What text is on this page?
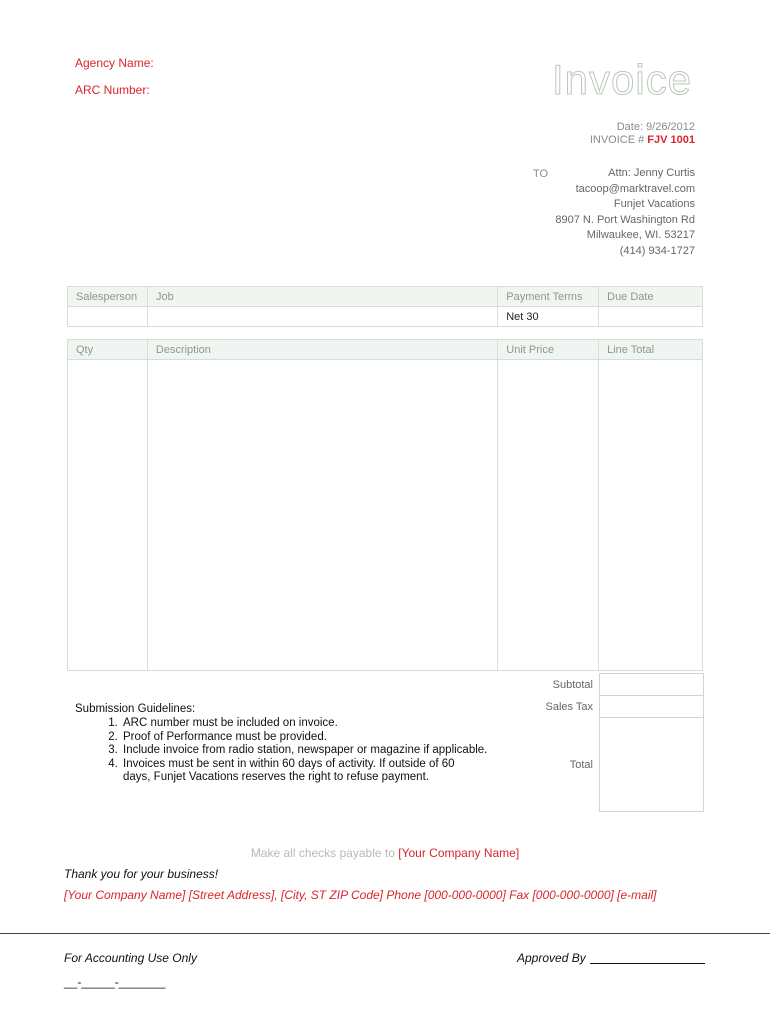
Agency Name:
ARC Number:	Invoice
Date: 9/26/2012
INVOICE # FJV 1001
TO	Attn: Jenny Curtis
tacoop@marktravel.com
Funjet Vacations
8907 N. Port Washington Rd
Milwaukee, WI. 53217
(414) 934-1727
Salesperson	Job	Payment Terms	Due Date
		Net 30	
Qty	Description	Unit Price	Line Total

Subtotal
Sales Tax
Total
Submission Guidelines:
1. ARC number must be included on invoice.
2. Proof of Performance must be provided.
3. Include invoice from radio station, newspaper or magazine if applicable.
4. Invoices must be sent in within 60 days of activity. If outside of 60 days, Funjet Vacations reserves the right to refuse payment.
Make all checks payable to [Your Company Name]
Thank you for your business!
[Your Company Name] [Street Address], [City, ST ZIP Code] Phone [000-000-0000] Fax [000-000-0000] [e-mail]
For Accounting Use Only	Approved By
__-_____-_______
